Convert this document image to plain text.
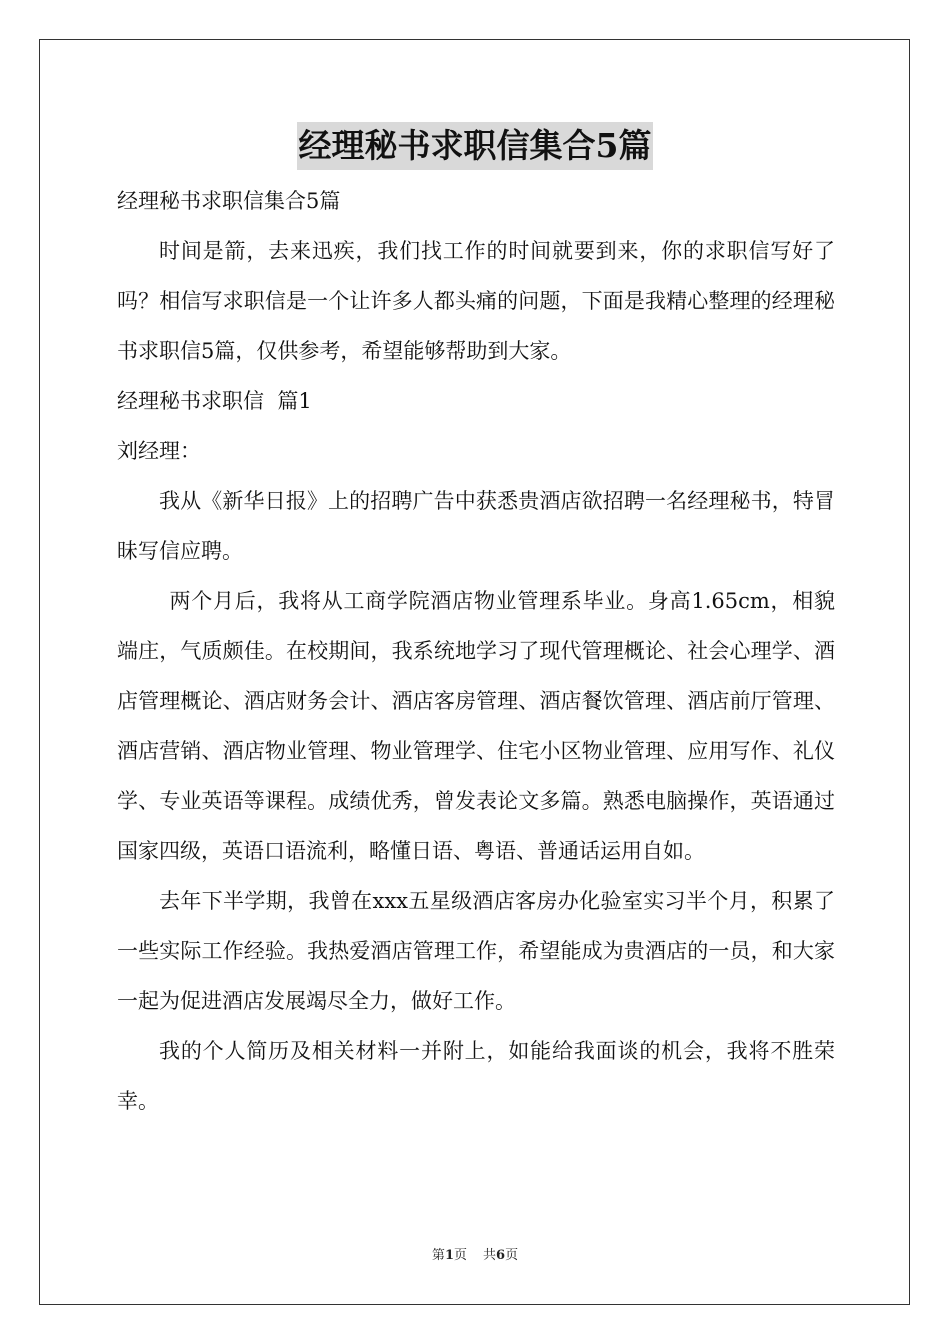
经理秘书求职信集合5篇
经理秘书求职信集合5篇
时间是箭，去来迅疾，我们找工作的时间就要到来，你的求职信写好了吗？相信写求职信是一个让许多人都头痛的问题，下面是我精心整理的经理秘书求职信5篇，仅供参考，希望能够帮助到大家。
经理秘书求职信  篇1
刘经理：
我从《新华日报》上的招聘广告中获悉贵酒店欲招聘一名经理秘书，特冒昧写信应聘。
两个月后，我将从工商学院酒店物业管理系毕业。身高1.65cm，相貌端庄，气质颇佳。在校期间，我系统地学习了现代管理概论、社会心理学、酒店管理概论、酒店财务会计、酒店客房管理、酒店餐饮管理、酒店前厅管理、酒店营销、酒店物业管理、物业管理学、住宅小区物业管理、应用写作、礼仪学、专业英语等课程。成绩优秀，曾发表论文多篇。熟悉电脑操作，英语通过国家四级，英语口语流利，略懂日语、粤语、普通话运用自如。
去年下半学期，我曾在xxx五星级酒店客房办化验室实习半个月，积累了一些实际工作经验。我热爱酒店管理工作，希望能成为贵酒店的一员，和大家一起为促进酒店发展竭尽全力，做好工作。
我的个人简历及相关材料一并附上，如能给我面谈的机会，我将不胜荣幸。
第1页 共6页
